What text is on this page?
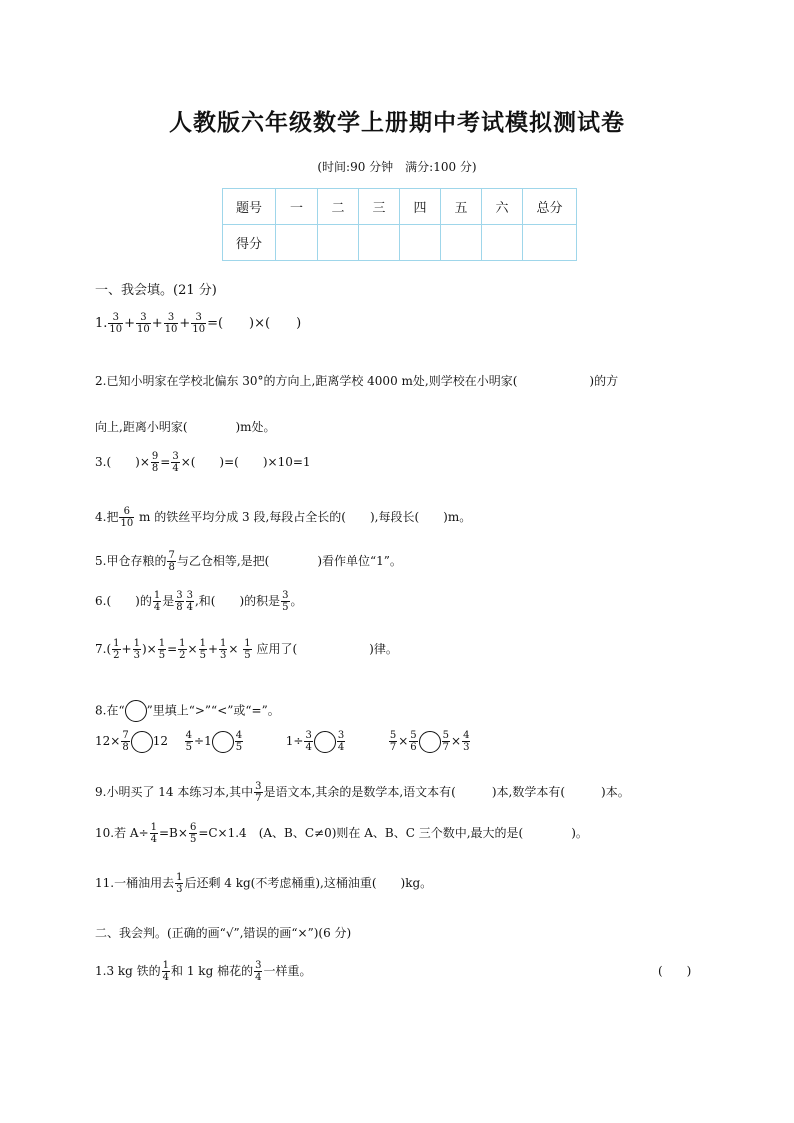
人教版六年级数学上册期中考试模拟测试卷
(时间:90 分钟　满分:100 分)
题号	一	二	三	四	五	六	总分
得分							
一、我会填。(21 分)
1. $\frac{3}{10} + \frac{3}{10} + \frac{3}{10} + \frac{3}{10}$ =(　　)×(　　)
2.已知小明家在学校北偏东 30°的方向上,距离学校 4000 m处,则学校在小明家(　　　　　　)的方
向上,距离小明家(　　　　)m处。
3.(　　)× $\frac{9}{8} = \frac{3}{4}$ ×(　　)=(　　)×10=1
4.把 $\frac{6}{10}$ m 的铁丝平均分成 3 段,每段占全长的(　　),每段长(　　)m。
5.甲仓存粮的 $\frac{7}{8}$ 与乙仓相等,是把(　　　　)看作单位“1”。
6.(　　)的 $\frac{1}{4}$ 是 $\frac{3}{8} \frac{3}{4}$ ,和(　　)的积是 $\frac{3}{5}$ 。
$7.( \frac{1}{2} + \frac{1}{3}$ )× $\frac{1}{5} = \frac{1}{2} \times \frac{1}{5} + \frac{1}{3} \times \frac{1}{5}$ 应用了(　　　　　　)律。
8.在“ ”里填上“>”“<”或“=”。
$12\times \frac{7}{8} 12 \frac{4}{5} \div 1 \frac{4}{5}$	$1\div \frac{3}{4} \frac{3}{4}$
	$\frac{5}{7} \times \frac{5}{6} \frac{5}{7} \times \frac{4}{3}$
9.小明买了 14 本练习本,其中 $\frac{3}{7}$ 是语文本,其余的是数学本,语文本有(　　　)本,数学本有(　　　)本。
10.若 $A\div \frac{1}{4} =B\times \frac{6}{5} =C\times 1.4$　(A、B、C≠0)则在 A、B、C 三个数中,最大的是(　　　　)。
11.一桶油用去 $\frac{1}{3}$ 后还剩 4 kg(不考虑桶重),这桶油重(　　)kg。
二、我会判。(正确的画“√”,错误的画“×”)(6 分)
1.3 kg 铁的 $\frac{1}{4}$ 和 1 kg 棉花的 $\frac{3}{4}$ 一样重。	(　　)
